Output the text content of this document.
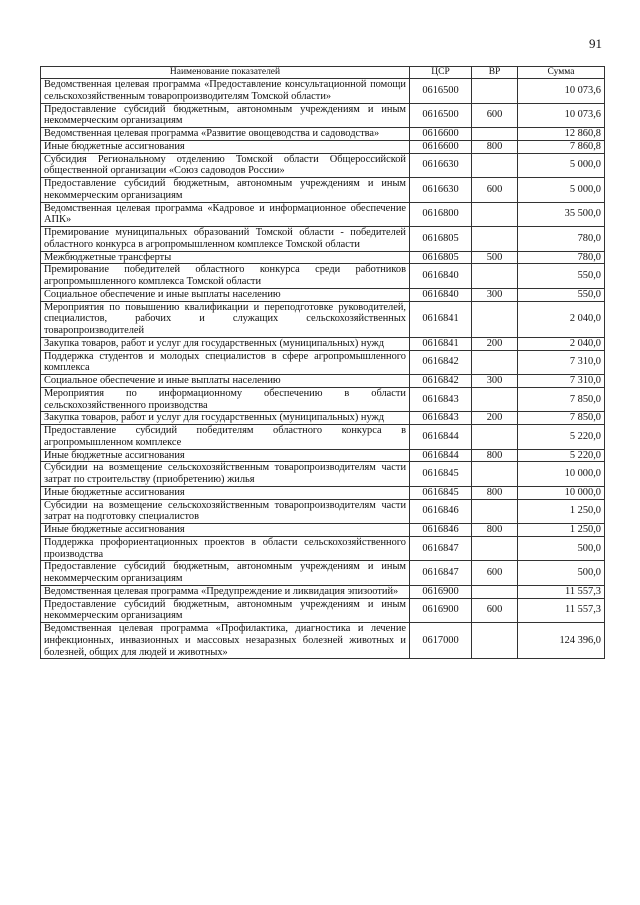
91
Наименование показателей	ЦСР	ВР	Сумма
Ведомственная целевая программа «Предоставление консультационной помощи сельскохозяйственным товаропроизводителям Томской области»	0616500		10 073,6
Предоставление субсидий бюджетным, автономным учреждениям и иным некоммерческим организациям	0616500	600	10 073,6
Ведомственная целевая программа «Развитие овощеводства и садоводства»	0616600		12 860,8
Иные бюджетные ассигнования	0616600	800	7 860,8
Субсидия Региональному отделению Томской области Общероссийской общественной организации «Союз садоводов России»	0616630		5 000,0
Предоставление субсидий бюджетным, автономным учреждениям и иным некоммерческим организациям	0616630	600	5 000,0
Ведомственная целевая программа «Кадровое и информационное обеспечение АПК»	0616800		35 500,0
Премирование муниципальных образований Томской области - победителей областного конкурса в агропромышленном комплексе Томской области	0616805		780,0
Межбюджетные трансферты	0616805	500	780,0
Премирование победителей областного конкурса среди работников агропромышленного комплекса Томской области	0616840		550,0
Социальное обеспечение и иные выплаты населению	0616840	300	550,0
Мероприятия по повышению квалификации и переподготовке руководителей, специалистов, рабочих и служащих сельскохозяйственных товаропроизводителей	0616841		2 040,0
Закупка товаров, работ и услуг для государственных (муниципальных) нужд	0616841	200	2 040,0
Поддержка студентов и молодых специалистов в сфере агропромышленного комплекса	0616842		7 310,0
Социальное обеспечение и иные выплаты населению	0616842	300	7 310,0
Мероприятия по информационному обеспечению в области сельскохозяйственного производства	0616843		7 850,0
Закупка товаров, работ и услуг для государственных (муниципальных) нужд	0616843	200	7 850,0
Предоставление субсидий победителям областного конкурса в агропромышленном комплексе	0616844		5 220,0
Иные бюджетные ассигнования	0616844	800	5 220,0
Субсидии на возмещение сельскохозяйственным товаропроизводителям части затрат по строительству (приобретению) жилья	0616845		10 000,0
Иные бюджетные ассигнования	0616845	800	10 000,0
Субсидии на возмещение сельскохозяйственным товаропроизводителям части затрат на подготовку специалистов	0616846		1 250,0
Иные бюджетные ассигнования	0616846	800	1 250,0
Поддержка профориентационных проектов в области сельскохозяйственного производства	0616847		500,0
Предоставление субсидий бюджетным, автономным учреждениям и иным некоммерческим организациям	0616847	600	500,0
Ведомственная целевая программа «Предупреждение и ликвидация эпизоотий»	0616900		11 557,3
Предоставление субсидий бюджетным, автономным учреждениям и иным некоммерческим организациям	0616900	600	11 557,3
Ведомственная целевая программа «Профилактика, диагностика и лечение инфекционных, инвазионных и массовых незаразных болезней животных и болезней, общих для людей и животных»	0617000		124 396,0
